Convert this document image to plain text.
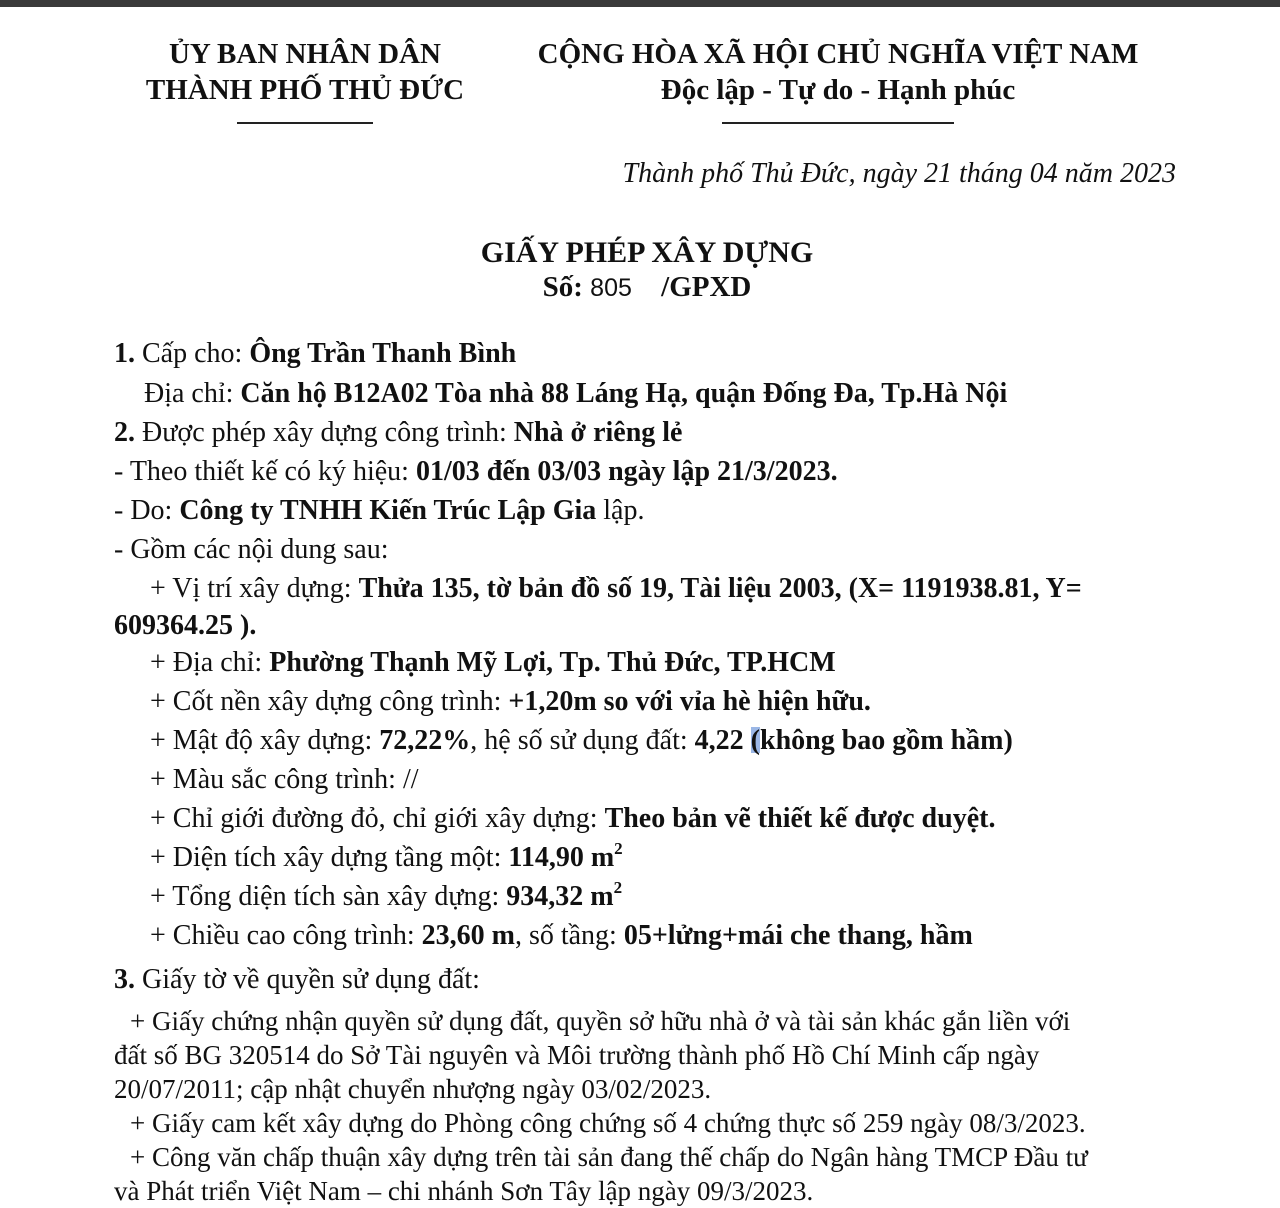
ỦY BAN NHÂN DÂN
THÀNH PHỐ THỦ ĐỨC
CỘNG HÒA XÃ HỘI CHỦ NGHĨA VIỆT NAM
Độc lập - Tự do - Hạnh phúc
Thành phố Thủ Đức, ngày 21 tháng 04 năm 2023
GIẤY PHÉP XÂY DỰNG
Số: 805 /GPXD
1. Cấp cho: Ông Trần Thanh Bình
Địa chỉ: Căn hộ B12A02 Tòa nhà 88 Láng Hạ, quận Đống Đa, Tp.Hà Nội
2. Được phép xây dựng công trình: Nhà ở riêng lẻ
- Theo thiết kế có ký hiệu: 01/03 đến 03/03 ngày lập 21/3/2023.
- Do: Công ty TNHH Kiến Trúc Lập Gia lập.
- Gồm các nội dung sau:
+ Vị trí xây dựng: Thửa 135, tờ bản đồ số 19, Tài liệu 2003, (X= 1191938.81, Y=
609364.25 ).
+ Địa chỉ: Phường Thạnh Mỹ Lợi, Tp. Thủ Đức, TP.HCM
+ Cốt nền xây dựng công trình: +1,20m so với vỉa hè hiện hữu.
+ Mật độ xây dựng: 72,22%, hệ số sử dụng đất: 4,22 (không bao gồm hầm)
+ Màu sắc công trình: //
+ Chỉ giới đường đỏ, chỉ giới xây dựng: Theo bản vẽ thiết kế được duyệt.
+ Diện tích xây dựng tầng một: 114,90 $m^2$
+ Tổng diện tích sàn xây dựng: 934,32 $m^2$
+ Chiều cao công trình: 23,60 m, số tầng: 05+lửng+mái che thang, hầm
3. Giấy tờ về quyền sử dụng đất:
+ Giấy chứng nhận quyền sử dụng đất, quyền sở hữu nhà ở và tài sản khác gắn liền với
đất số BG 320514 do Sở Tài nguyên và Môi trường thành phố Hồ Chí Minh cấp ngày
20/07/2011; cập nhật chuyển nhượng ngày 03/02/2023.
+ Giấy cam kết xây dựng do Phòng công chứng số 4 chứng thực số 259 ngày 08/3/2023.
+ Công văn chấp thuận xây dựng trên tài sản đang thế chấp do Ngân hàng TMCP Đầu tư
và Phát triển Việt Nam – chi nhánh Sơn Tây lập ngày 09/3/2023.
